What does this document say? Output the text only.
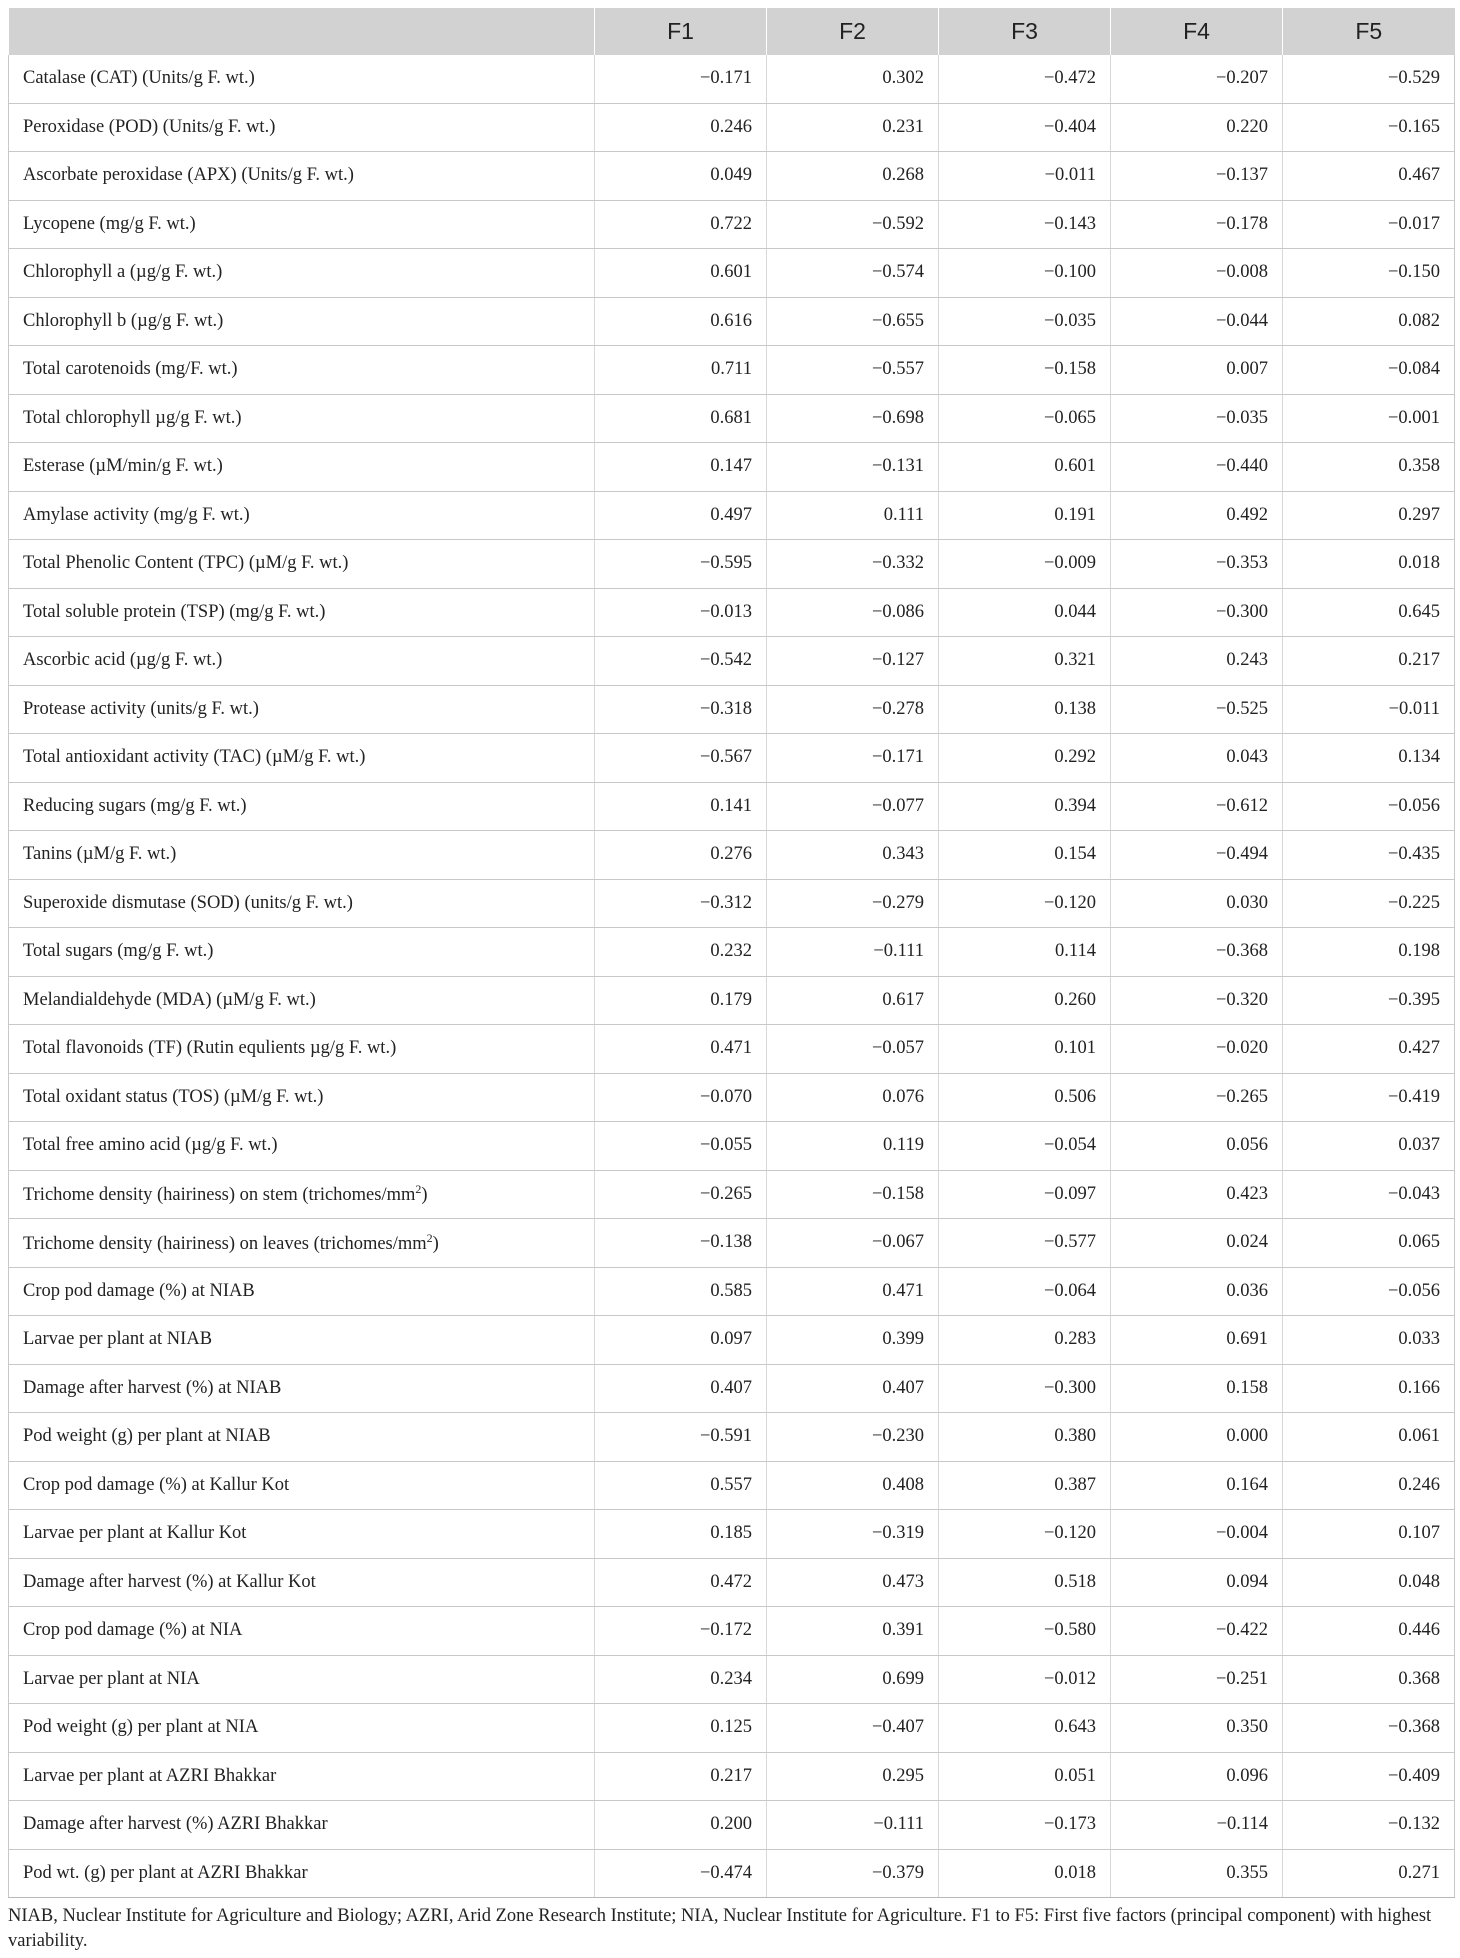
	F1	F2	F3	F4	F5
Catalase (CAT) (Units/g F. wt.)	−0.171	0.302	−0.472	−0.207	−0.529
Peroxidase (POD) (Units/g F. wt.)	0.246	0.231	−0.404	0.220	−0.165
Ascorbate peroxidase (APX) (Units/g F. wt.)	0.049	0.268	−0.011	−0.137	0.467
Lycopene (mg/g F. wt.)	0.722	−0.592	−0.143	−0.178	−0.017
Chlorophyll a (µg/g F. wt.)	0.601	−0.574	−0.100	−0.008	−0.150
Chlorophyll b (µg/g F. wt.)	0.616	−0.655	−0.035	−0.044	0.082
Total carotenoids (mg/F. wt.)	0.711	−0.557	−0.158	0.007	−0.084
Total chlorophyll µg/g F. wt.)	0.681	−0.698	−0.065	−0.035	−0.001
Esterase (µM/min/g F. wt.)	0.147	−0.131	0.601	−0.440	0.358
Amylase activity (mg/g F. wt.)	0.497	0.111	0.191	0.492	0.297
Total Phenolic Content (TPC) (µM/g F. wt.)	−0.595	−0.332	−0.009	−0.353	0.018
Total soluble protein (TSP) (mg/g F. wt.)	−0.013	−0.086	0.044	−0.300	0.645
Ascorbic acid (µg/g F. wt.)	−0.542	−0.127	0.321	0.243	0.217
Protease activity (units/g F. wt.)	−0.318	−0.278	0.138	−0.525	−0.011
Total antioxidant activity (TAC) (µM/g F. wt.)	−0.567	−0.171	0.292	0.043	0.134
Reducing sugars (mg/g F. wt.)	0.141	−0.077	0.394	−0.612	−0.056
Tanins (µM/g F. wt.)	0.276	0.343	0.154	−0.494	−0.435
Superoxide dismutase (SOD) (units/g F. wt.)	−0.312	−0.279	−0.120	0.030	−0.225
Total sugars (mg/g F. wt.)	0.232	−0.111	0.114	−0.368	0.198
Melandialdehyde (MDA) (µM/g F. wt.)	0.179	0.617	0.260	−0.320	−0.395
Total flavonoids (TF) (Rutin equlients µg/g F. wt.)	0.471	−0.057	0.101	−0.020	0.427
Total oxidant status (TOS) (µM/g F. wt.)	−0.070	0.076	0.506	−0.265	−0.419
Total free amino acid (µg/g F. wt.)	−0.055	0.119	−0.054	0.056	0.037
Trichome density (hairiness) on stem $(trichomes/mm^2)$	−0.265	−0.158	−0.097	0.423	−0.043
Trichome density (hairiness) on leaves $(trichomes/mm^2)$	−0.138	−0.067	−0.577	0.024	0.065
Crop pod damage (%) at NIAB	0.585	0.471	−0.064	0.036	−0.056
Larvae per plant at NIAB	0.097	0.399	0.283	0.691	0.033
Damage after harvest (%) at NIAB	0.407	0.407	−0.300	0.158	0.166
Pod weight (g) per plant at NIAB	−0.591	−0.230	0.380	0.000	0.061
Crop pod damage (%) at Kallur Kot	0.557	0.408	0.387	0.164	0.246
Larvae per plant at Kallur Kot	0.185	−0.319	−0.120	−0.004	0.107
Damage after harvest (%) at Kallur Kot	0.472	0.473	0.518	0.094	0.048
Crop pod damage (%) at NIA	−0.172	0.391	−0.580	−0.422	0.446
Larvae per plant at NIA	0.234	0.699	−0.012	−0.251	0.368
Pod weight (g) per plant at NIA	0.125	−0.407	0.643	0.350	−0.368
Larvae per plant at AZRI Bhakkar	0.217	0.295	0.051	0.096	−0.409
Damage after harvest (%) AZRI Bhakkar	0.200	−0.111	−0.173	−0.114	−0.132
Pod wt. (g) per plant at AZRI Bhakkar	−0.474	−0.379	0.018	0.355	0.271
NIAB, Nuclear Institute for Agriculture and Biology; AZRI, Arid Zone Research Institute; NIA, Nuclear Institute for Agriculture. F1 to F5: First five factors (principal component) with highest variability.
